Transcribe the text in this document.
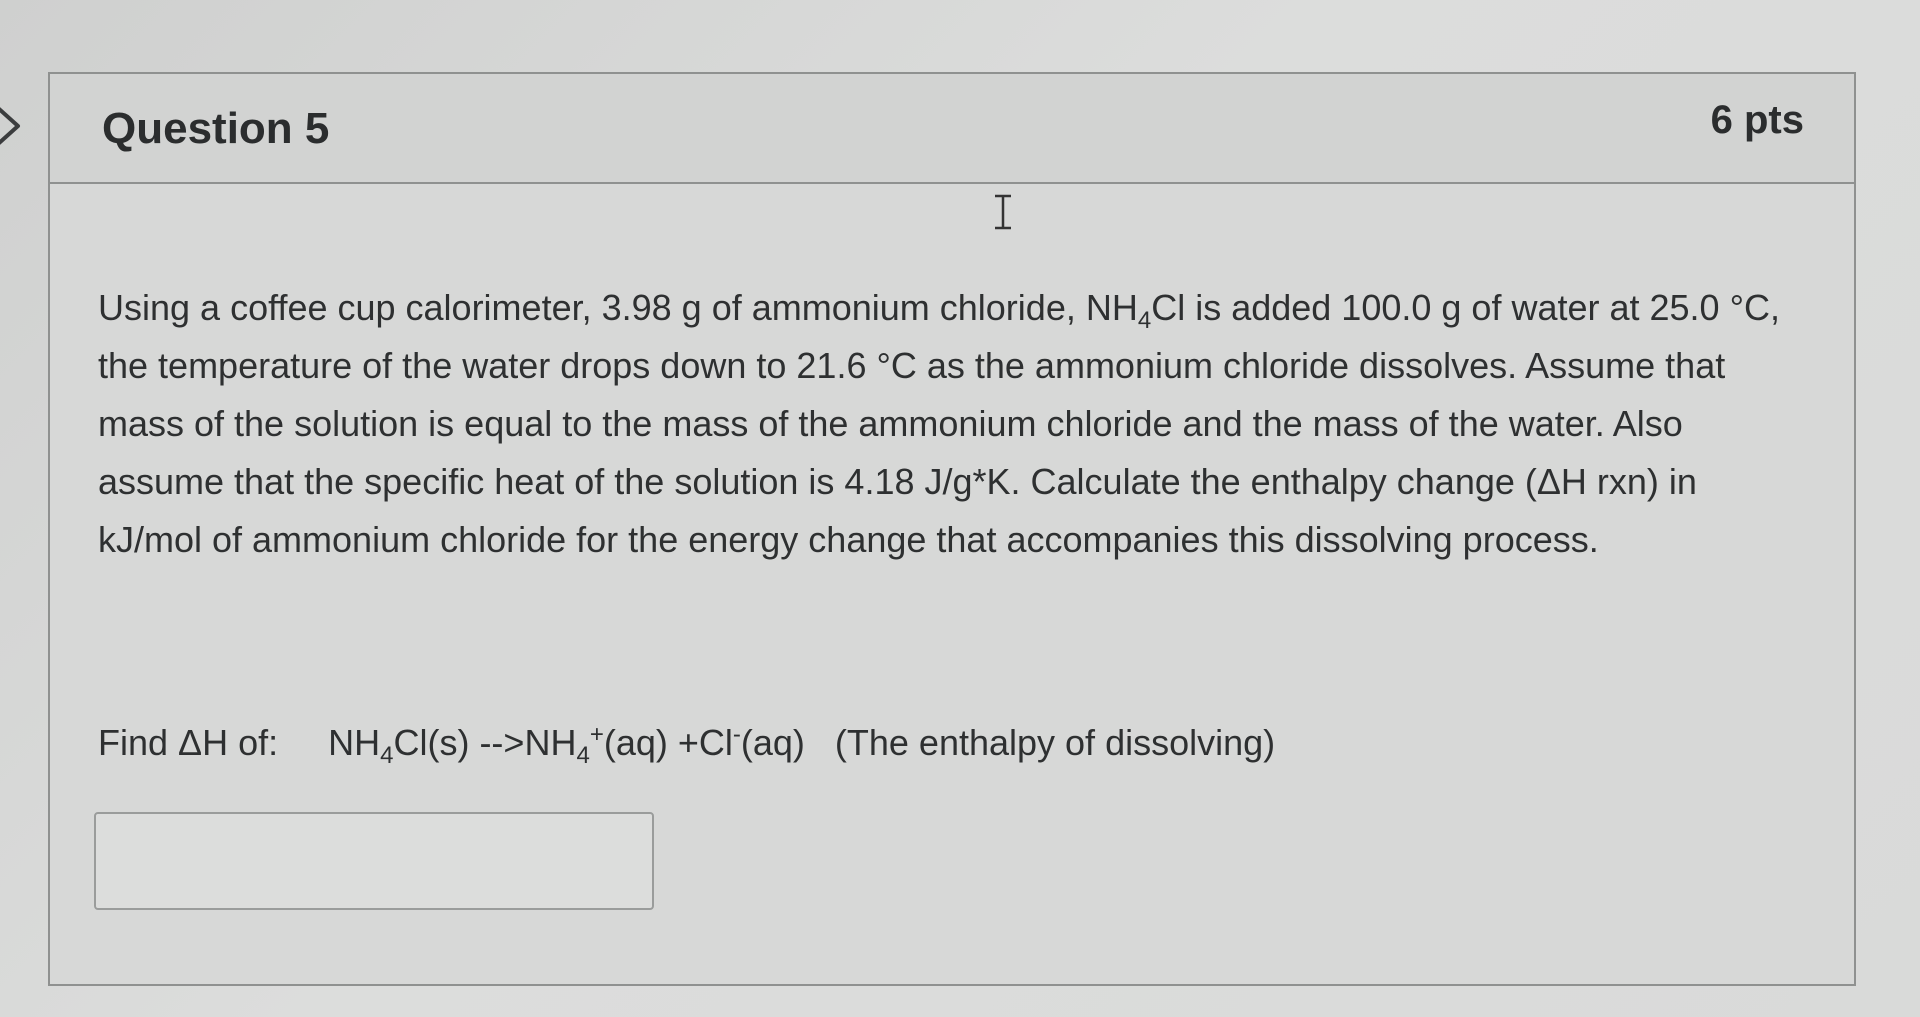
Question 5	6 pts
Using a coffee cup calorimeter, 3.98 g of ammonium chloride, $NH_4Cl$ is added 100.0 g of water at 25.0 °C, the temperature of the water drops down to 21.6 °C as the ammonium chloride dissolves. Assume that mass of the solution is equal to the mass of the ammonium chloride and the mass of the water. Also assume that the specific heat of the solution is 4.18 J/g*K. Calculate the enthalpy change (ΔH rxn) in kJ/mol of ammonium chloride for the energy change that accompanies this dissolving process.
Find ΔH of: $NH_4Cl(s)$ $-->NH_4^+(aq) +Cl^-(aq)$ (The enthalpy of dissolving)
